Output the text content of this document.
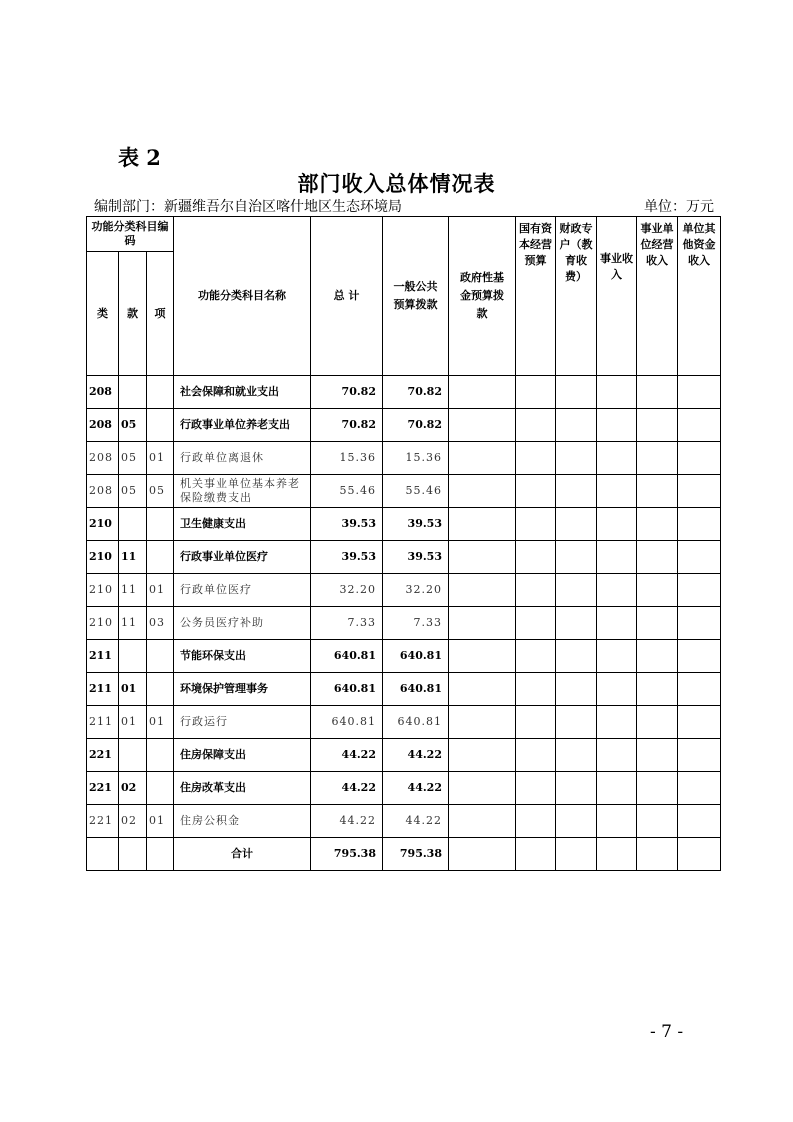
表 2
部门收入总体情况表
编制部门：新疆维吾尔自治区喀什地区生态环境局	单位：万元
功能分类科目编码			功能分类科目名称	总 计	一般公共预算拨款	政府性基金预算拨款	国有资本经营预算	财政专户（教育收费）	事业收入	事业单位经营收入	单位其他资金收入

类	款	项									
208			社会保障和就业支出	70.82	70.82						
208	05		行政事业单位养老支出	70.82	70.82						
208	05	01	行政单位离退休	15.36	15.36						
208	05	05	机关事业单位基本养老保险缴费支出	55.46	55.46						
210			卫生健康支出	39.53	39.53						
210	11		行政事业单位医疗	39.53	39.53						
210	11	01	行政单位医疗	32.20	32.20						
210	11	03	公务员医疗补助	7.33	7.33						
211			节能环保支出	640.81	640.81						
211	01		环境保护管理事务	640.81	640.81						
211	01	01	行政运行	640.81	640.81						
221			住房保障支出	44.22	44.22						
221	02		住房改革支出	44.22	44.22						
221	02	01	住房公积金	44.22	44.22						
			合计	795.38	795.38						
- 7 -
